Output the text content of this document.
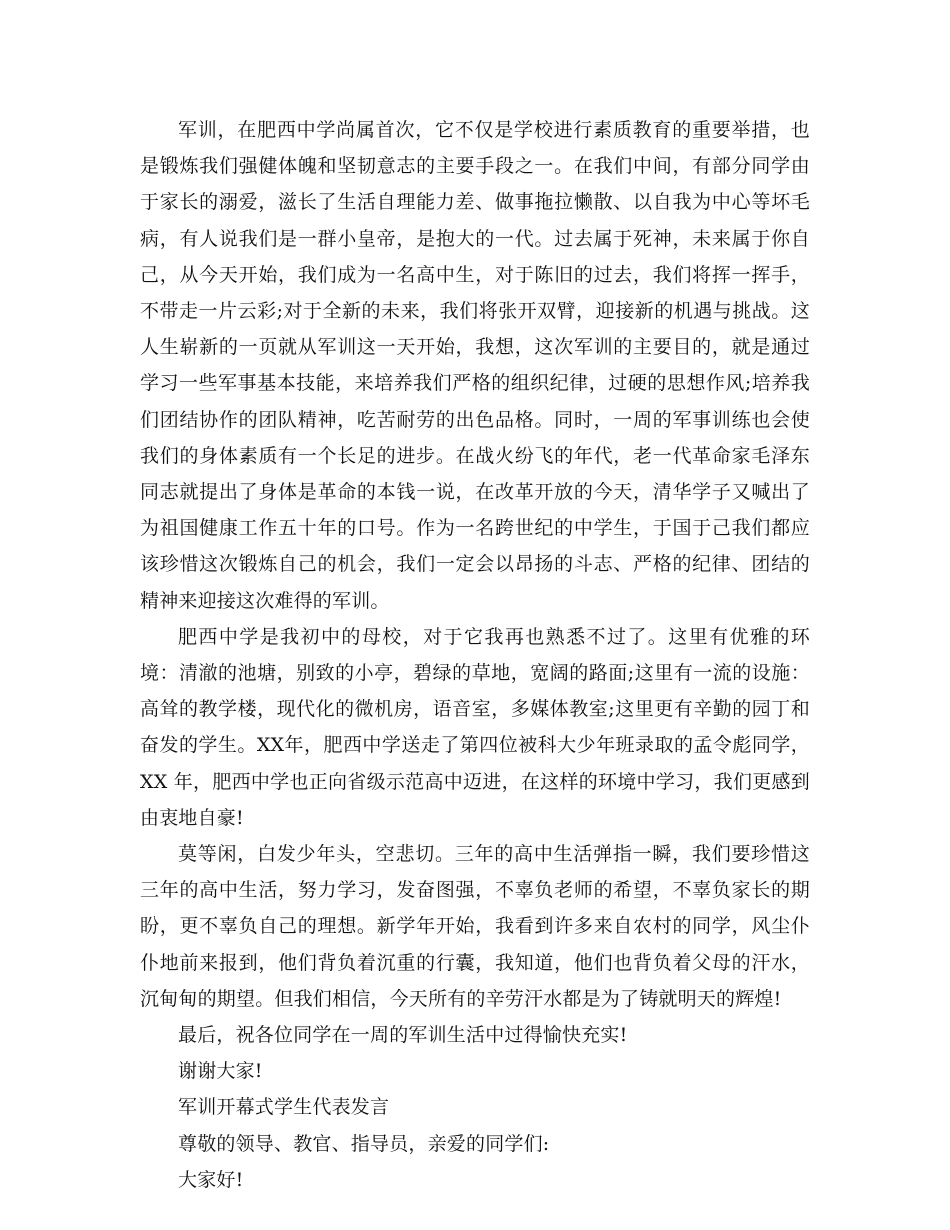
军训，在肥西中学尚属首次，它不仅是学校进行素质教育的重要举措，也是锻炼我们强健体魄和坚韧意志的主要手段之一。在我们中间，有部分同学由于家长的溺爱，滋长了生活自理能力差、做事拖拉懒散、以自我为中心等坏毛病，有人说我们是一群小皇帝，是抱大的一代。过去属于死神，未来属于你自己，从今天开始，我们成为一名高中生，对于陈旧的过去，我们将挥一挥手，不带走一片云彩;对于全新的未来，我们将张开双臂，迎接新的机遇与挑战。这人生崭新的一页就从军训这一天开始，我想，这次军训的主要目的，就是通过学习一些军事基本技能，来培养我们严格的组织纪律，过硬的思想作风;培养我们团结协作的团队精神，吃苦耐劳的出色品格。同时，一周的军事训练也会使我们的身体素质有一个长足的进步。在战火纷飞的年代，老一代革命家毛泽东同志就提出了身体是革命的本钱一说，在改革开放的今天，清华学子又喊出了为祖国健康工作五十年的口号。作为一名跨世纪的中学生，于国于己我们都应该珍惜这次锻炼自己的机会，我们一定会以昂扬的斗志、严格的纪律、团结的精神来迎接这次难得的军训。

肥西中学是我初中的母校，对于它我再也熟悉不过了。这里有优雅的环境：清澈的池塘，别致的小亭，碧绿的草地，宽阔的路面;这里有一流的设施：高耸的教学楼，现代化的微机房，语音室，多媒体教室;这里更有辛勤的园丁和奋发的学生。XX年，肥西中学送走了第四位被科大少年班录取的孟令彪同学，XX 年，肥西中学也正向省级示范高中迈进，在这样的环境中学习，我们更感到由衷地自豪!

莫等闲，白发少年头，空悲切。三年的高中生活弹指一瞬，我们要珍惜这三年的高中生活，努力学习，发奋图强，不辜负老师的希望，不辜负家长的期盼，更不辜负自己的理想。新学年开始，我看到许多来自农村的同学，风尘仆仆地前来报到，他们背负着沉重的行囊，我知道，他们也背负着父母的汗水，沉甸甸的期望。但我们相信，今天所有的辛劳汗水都是为了铸就明天的辉煌!

最后，祝各位同学在一周的军训生活中过得愉快充实!

谢谢大家!

军训开幕式学生代表发言

尊敬的领导、教官、指导员，亲爱的同学们:

大家好!
